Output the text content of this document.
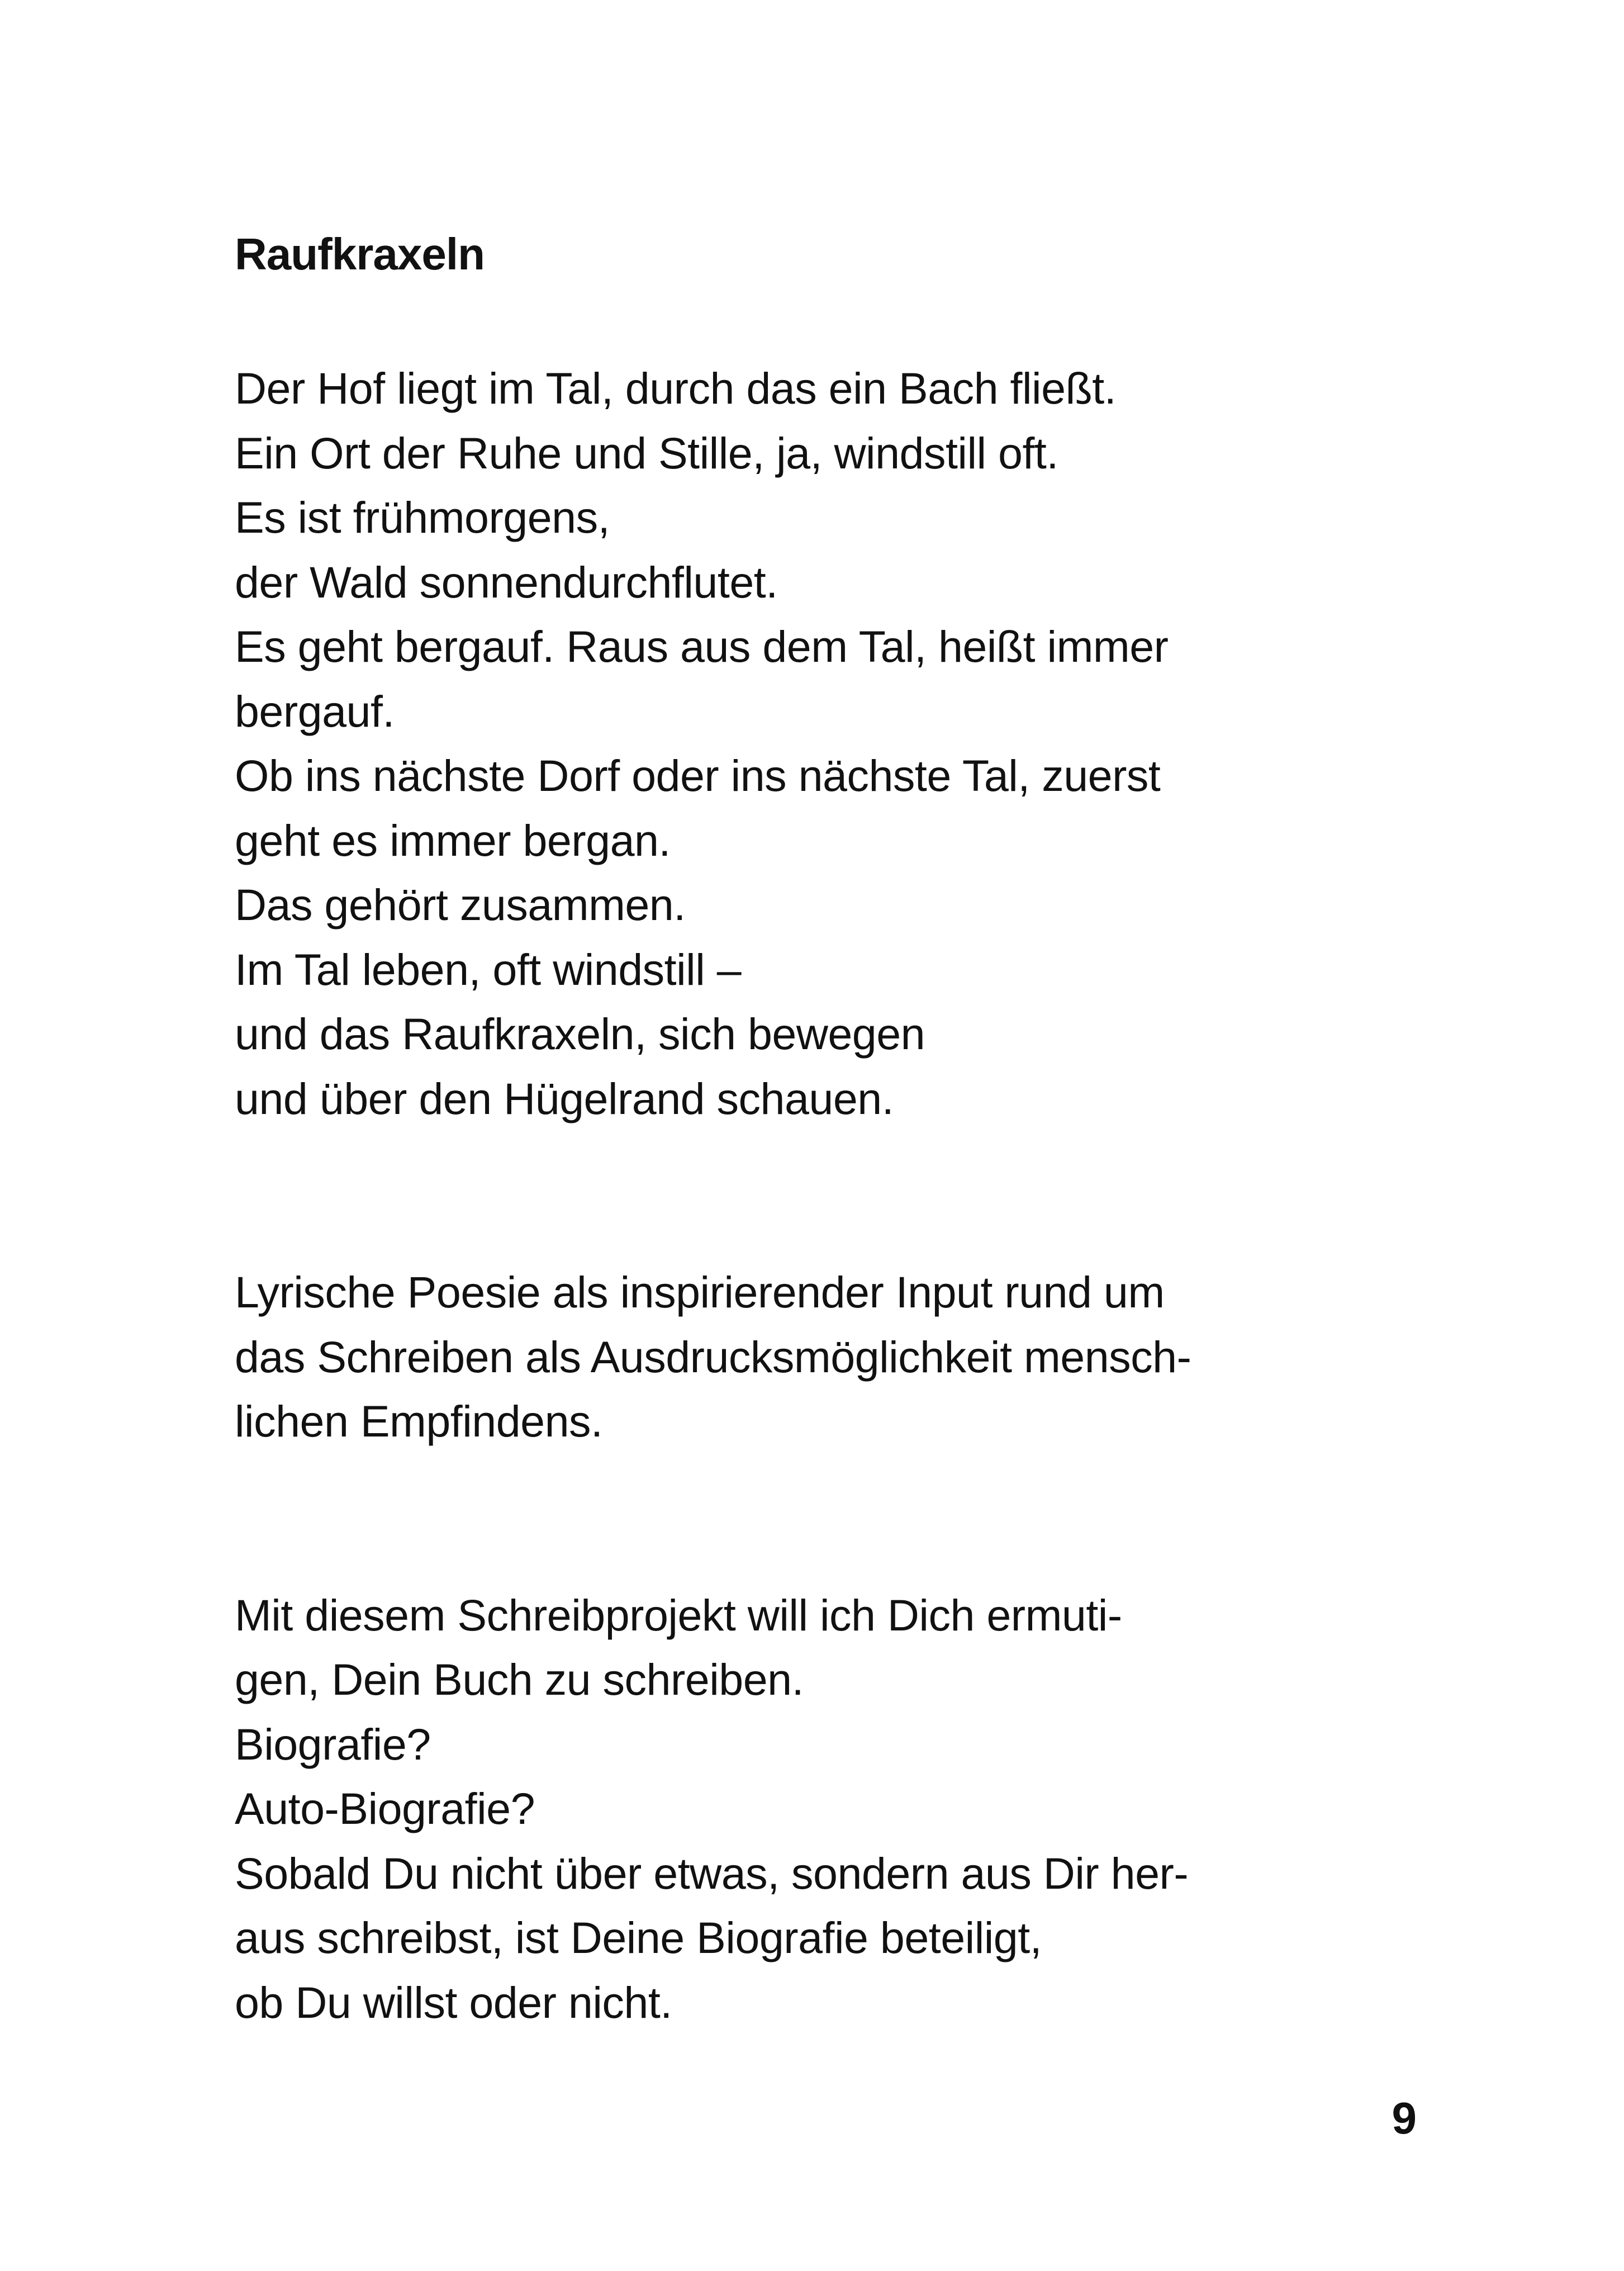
Raufkraxeln
Der Hof liegt im Tal, durch das ein Bach fließt.
Ein Ort der Ruhe und Stille, ja, windstill oft.
Es ist frühmorgens,
der Wald sonnendurchflutet.
Es geht bergauf. Raus aus dem Tal, heißt immer
bergauf.
Ob ins nächste Dorf oder ins nächste Tal, zuerst
geht es immer bergan.
Das gehört zusammen.
Im Tal leben, oft windstill –
und das Raufkraxeln, sich bewegen
und über den Hügelrand schauen.
Lyrische Poesie als inspirierender Input rund um
das Schreiben als Ausdrucksmöglichkeit mensch-
lichen Empfindens.
Mit diesem Schreibprojekt will ich Dich ermuti-
gen, Dein Buch zu schreiben.
Biografie?
Auto-Biografie?
Sobald Du nicht über etwas, sondern aus Dir her-
aus schreibst, ist Deine Biografie beteiligt,
ob Du willst oder nicht.
9
